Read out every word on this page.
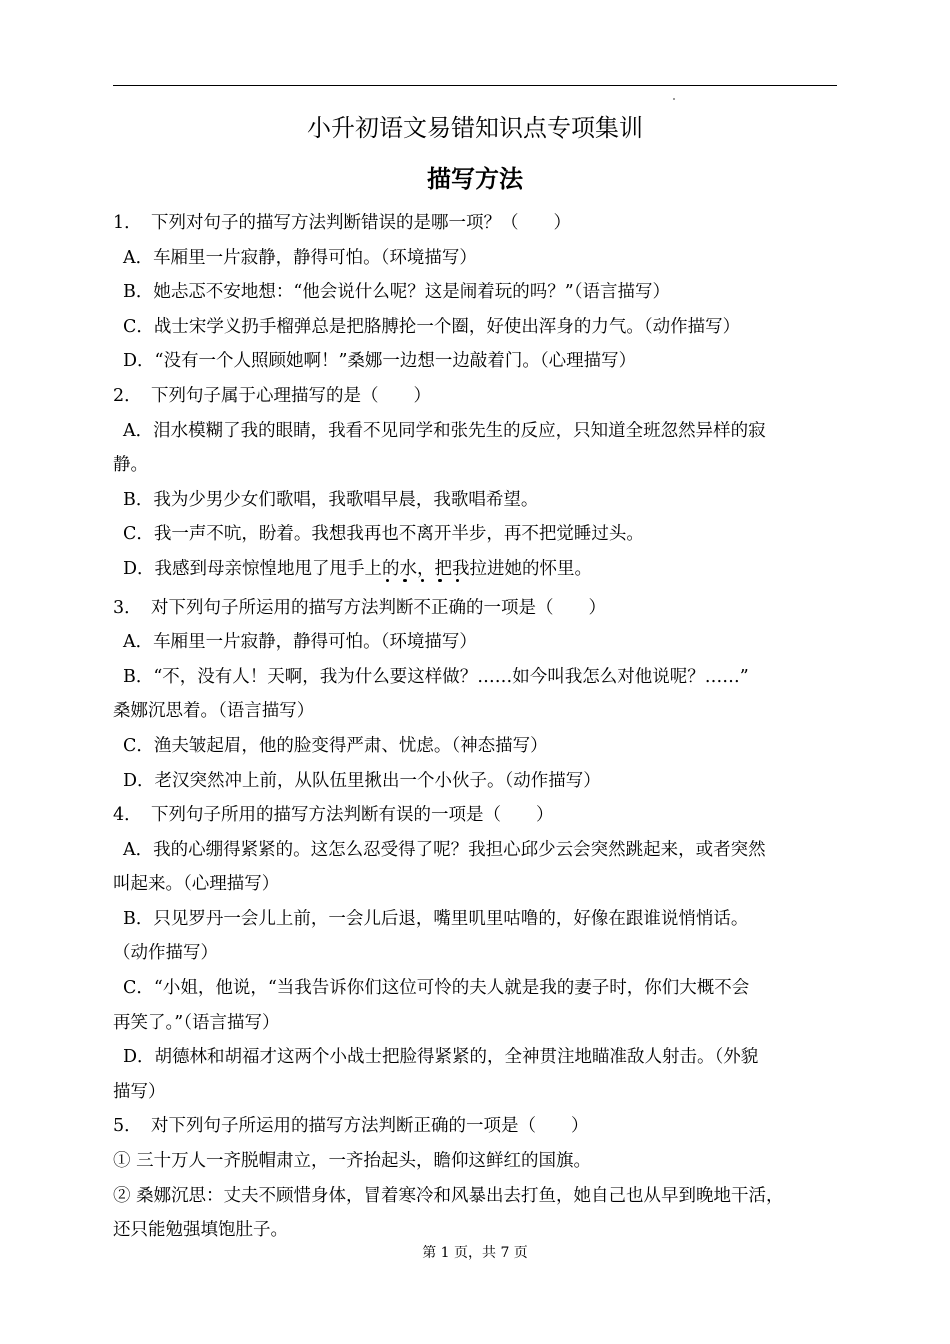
小升初语文易错知识点专项集训
描写方法
1． 下列对句子的描写方法判断错误的是哪一项？（　　）
A．车厢里一片寂静，静得可怕。（环境描写）
B．她忐忑不安地想：“他会说什么呢？这是闹着玩的吗？”（语言描写）
C．战士宋学义扔手榴弹总是把胳膊抡一个圈，好使出浑身的力气。（动作描写）
D．“没有一个人照顾她啊！”桑娜一边想一边敲着门。（心理描写）
2． 下列句子属于心理描写的是（　　）
A．泪水模糊了我的眼睛，我看不见同学和张先生的反应，只知道全班忽然异样的寂
静。
B．我为少男少女们歌唱，我歌唱早晨，我歌唱希望。
C．我一声不吭，盼着。我想我再也不离开半步，再不把觉睡过头。
D．我感到母亲惊惶地甩了甩手上的水，把我拉进她的怀里。
3． 对下列句子所运用的描写方法
判断不正确的一项是（　　）
A．车厢里一片寂静，静得可怕。（环境描写）
B．“不，没有人！天啊，我为什么要这样做？……如今叫我怎么对他说呢？……”
桑娜沉思着。（语言描写）
C．渔夫皱起眉，他的脸变得严肃、忧虑。（神态描写）
D．老汉突然冲上前，从队伍里揪出一个小伙子。（动作描写）
4． 下列句子所用的描写方法判断有误的一项是（　　）
A．我的心绷得紧紧的。这怎么忍受得了呢？我担心邱少云会突然跳起来，或者突然
叫起来。（心理描写）
B．只见罗丹一会儿上前，一会儿后退，嘴里叽里咕噜的，好像在跟谁说悄悄话。
（动作描写）
C．“小姐，他说，“当我告诉你们这位可怜的夫人就是我的妻子时，你们大概不会
再笑了。”（语言描写）
D．胡德林和胡福才这两个小战士把脸得紧紧的，全神贯注地瞄准敌人射击。（外貌
描写）
5． 对下列句子所运用的描写方法判断正确的一项是（　　）
① 三十万人一齐脱帽肃立，一齐抬起头，瞻仰这鲜红的国旗。
② 桑娜沉思：丈夫不顾惜身体，冒着寒冷和风暴出去打鱼，她自己也从早到晚地干活，
还只能勉强填饱肚子。
第 1 页，共 7 页
